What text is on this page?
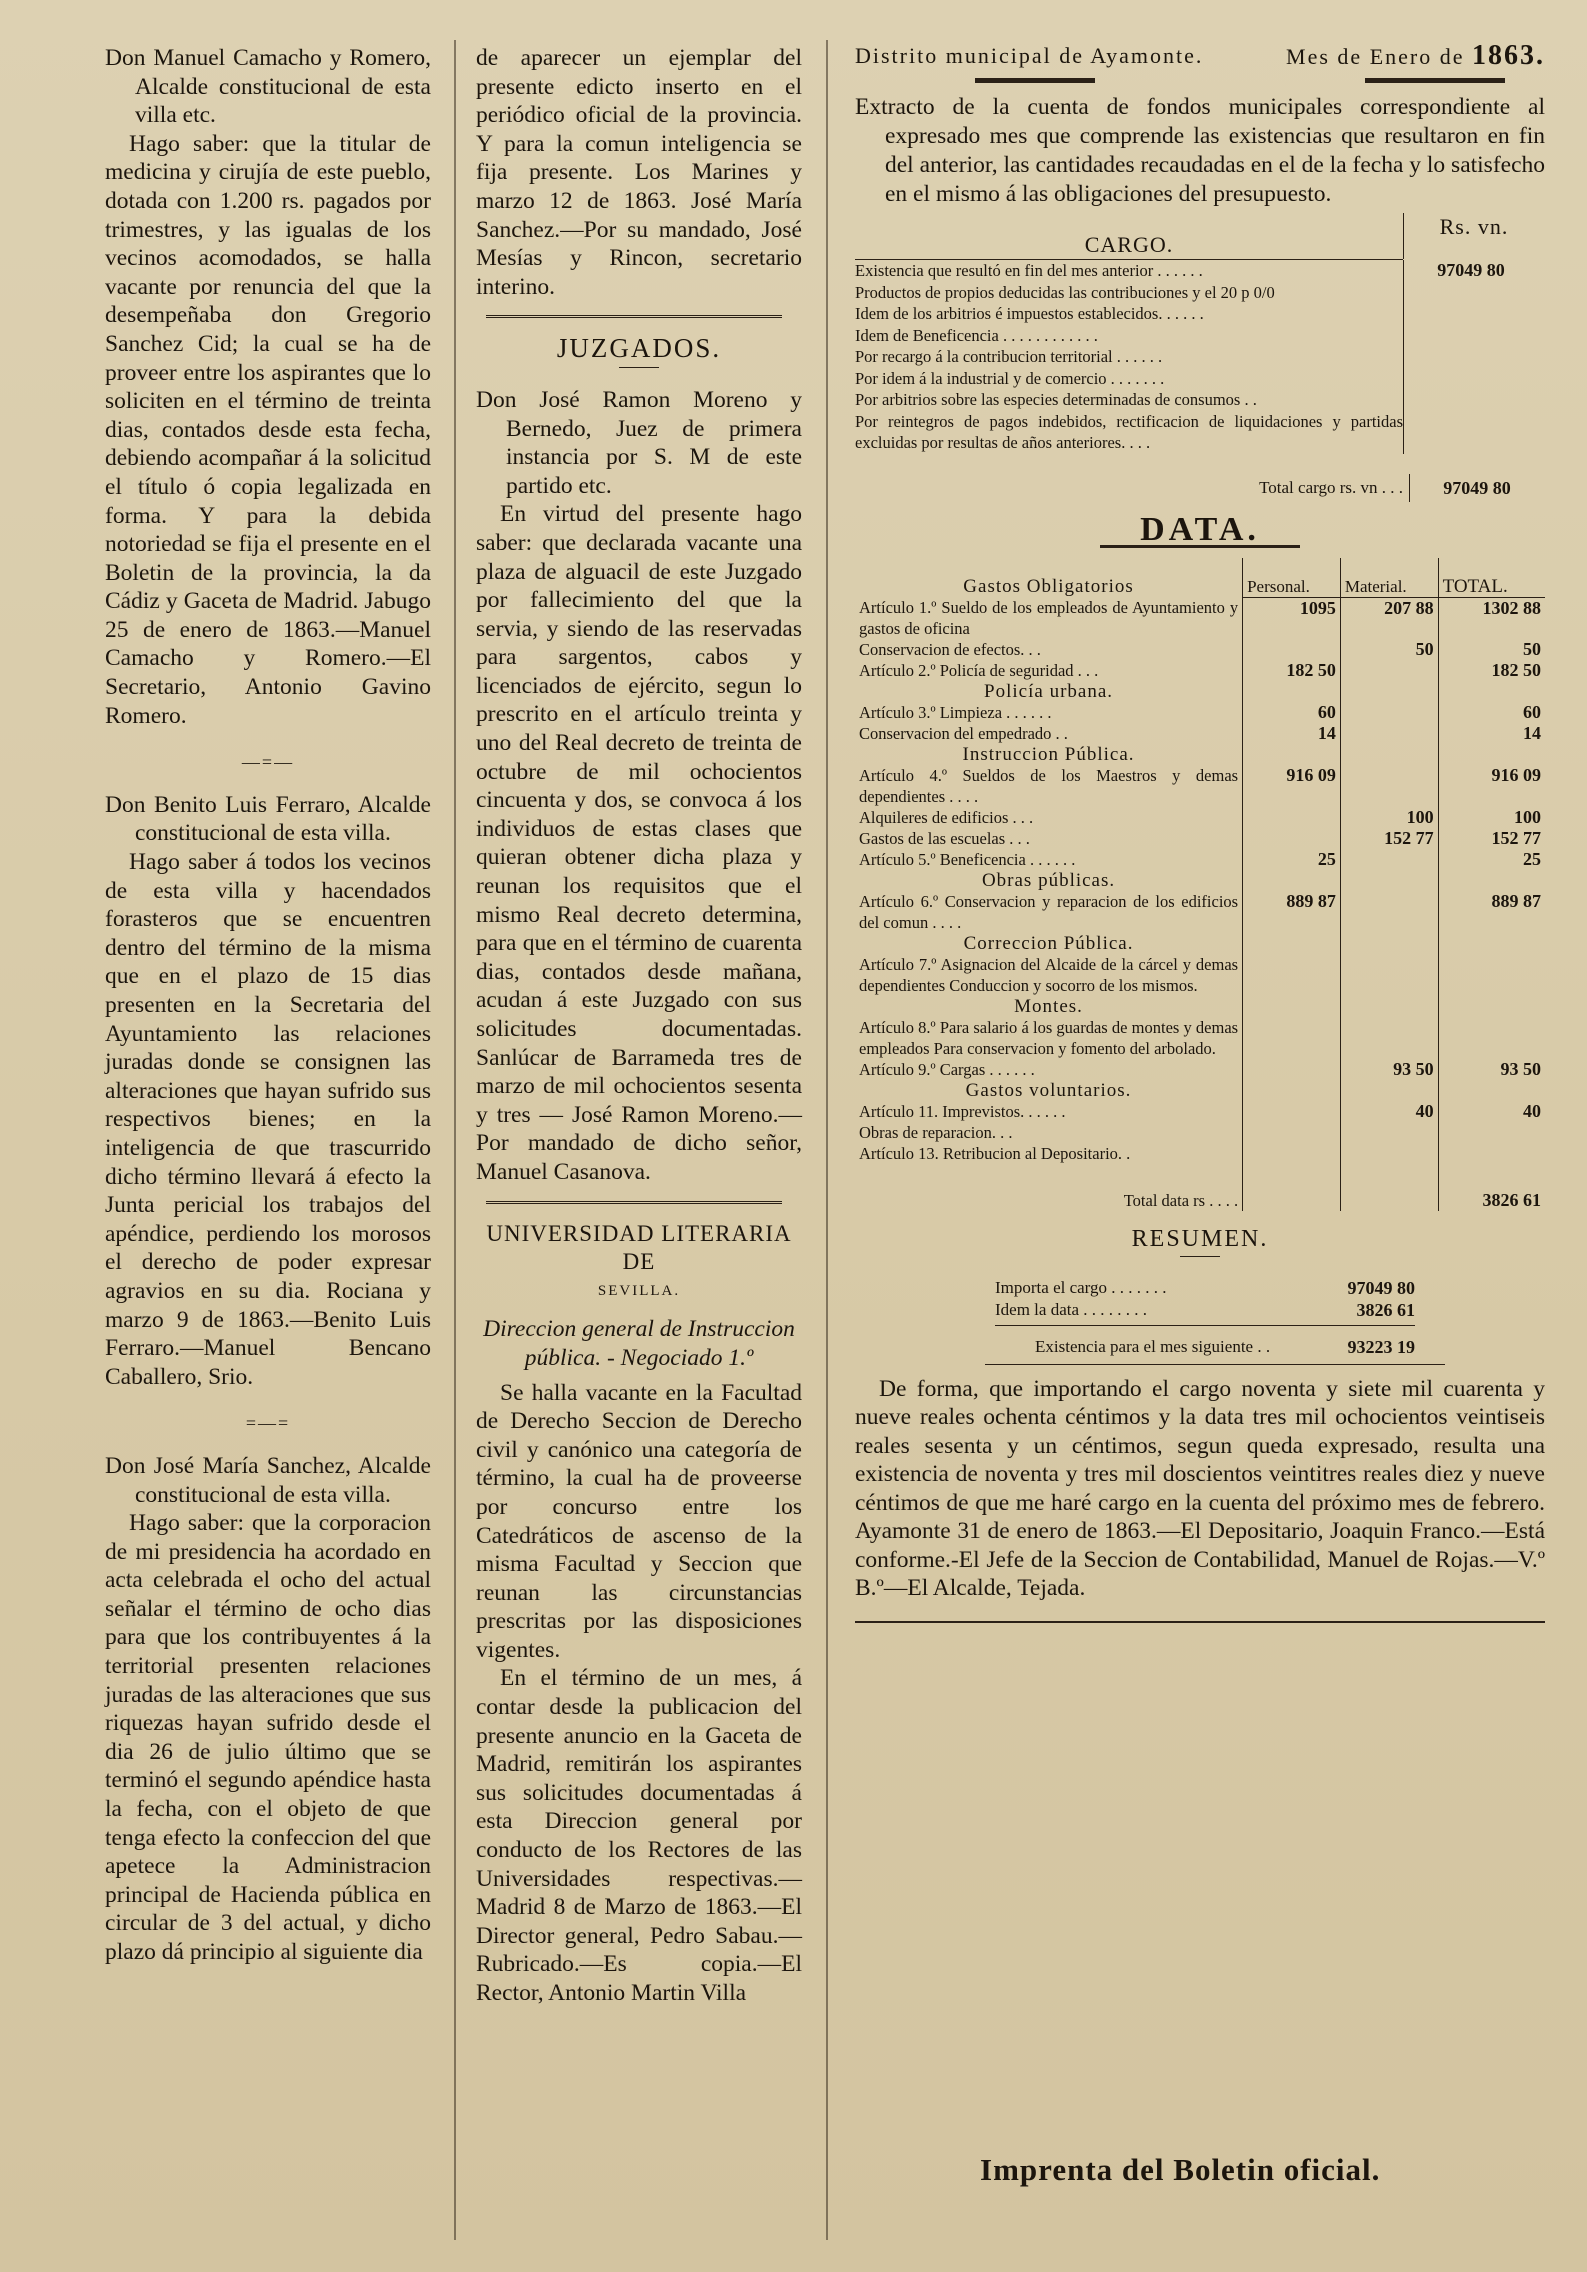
Don Manuel Camacho y Romero, Alcalde constitucional de esta villa etc.

Hago saber: que la titular de medicina y cirujía de este pueblo, dotada con 1.200 rs. pagados por trimestres, y las igualas de los vecinos acomodados, se halla vacante por renuncia del que la desempeñaba don Gregorio Sanchez Cid; la cual se ha de proveer entre los aspirantes que lo soliciten en el término de treinta dias, contados desde esta fecha, debiendo acompañar á la solicitud el título ó copia legalizada en forma. Y para la debida notoriedad se fija el presente en el Boletin de la provincia, la da Cádiz y Gaceta de Madrid. Jabugo 25 de enero de 1863.—Manuel Camacho y Romero.—El Secretario, Antonio Gavino Romero.

—=—

Don Benito Luis Ferraro, Alcalde constitucional de esta villa.

Hago saber á todos los vecinos de esta villa y hacendados forasteros que se encuentren dentro del término de la misma que en el plazo de 15 dias presenten en la Secretaria del Ayuntamiento las relaciones juradas donde se consignen las alteraciones que hayan sufrido sus respectivos bienes; en la inteligencia de que trascurrido dicho término llevará á efecto la Junta pericial los trabajos del apéndice, perdiendo los morosos el derecho de poder expresar agravios en su dia. Rociana y marzo 9 de 1863.—Benito Luis Ferraro.—Manuel Bencano Caballero, Srio.

=—=

Don José María Sanchez, Alcalde constitucional de esta villa.

Hago saber: que la corporacion de mi presidencia ha acordado en acta celebrada el ocho del actual señalar el término de ocho dias para que los contribuyentes á la territorial presenten relaciones juradas de las alteraciones que sus riquezas hayan sufrido desde el dia 26 de julio último que se terminó el segundo apéndice hasta la fecha, con el objeto de que tenga efecto la confeccion del que apetece la Administracion principal de Hacienda pública en circular de 3 del actual, y dicho plazo dá principio al siguiente dia

de aparecer un ejemplar del presente edicto inserto en el periódico oficial de la provincia. Y para la comun inteligencia se fija presente. Los Marines y marzo 12 de 1863. José María Sanchez.—Por su mandado, José Mesías y Rincon, secretario interino.

JUZGADOS.

Don José Ramon Moreno y Bernedo, Juez de primera instancia por S. M de este partido etc.

En virtud del presente hago saber: que declarada vacante una plaza de alguacil de este Juzgado por fallecimiento del que la servia, y siendo de las reservadas para sargentos, cabos y licenciados de ejército, segun lo prescrito en el artículo treinta y uno del Real decreto de treinta de octubre de mil ochocientos cincuenta y dos, se convoca á los individuos de estas clases que quieran obtener dicha plaza y reunan los requisitos que el mismo Real decreto determina, para que en el término de cuarenta dias, contados desde mañana, acudan á este Juzgado con sus solicitudes documentadas. Sanlúcar de Barrameda tres de marzo de mil ochocientos sesenta y tres — José Ramon Moreno.—Por mandado de dicho señor, Manuel Casanova.

UNIVERSIDAD LITERARIA DE
SEVILLA.

Direccion general de Instruccion pública. - Negociado 1.º

Se halla vacante en la Facultad de Derecho Seccion de Derecho civil y canónico una categoría de término, la cual ha de proveerse por concurso entre los Catedráticos de ascenso de la misma Facultad y Seccion que reunan las circunstancias prescritas por las disposiciones vigentes.

En el término de un mes, á contar desde la publicacion del presente anuncio en la Gaceta de Madrid, remitirán los aspirantes sus solicitudes documentadas á esta Direccion general por conducto de los Rectores de las Universidades respectivas.—Madrid 8 de Marzo de 1863.—El Director general, Pedro Sabau.—Rubricado.—Es copia.—El Rector, Antonio Martin Villa

Distrito municipal de Ayamonte.	Mes de Enero de 1863.

Extracto de la cuenta de fondos municipales correspondiente al expresado mes que comprende las existencias que resultaron en fin del anterior, las cantidades recaudadas en el de la fecha y lo satisfecho en el mismo á las obligaciones del presupuesto.

CARGO.
Rs. vn.
Existencia que resultó en fin del mes anterior . . . . . .	97049 80
Productos de propios deducidas las contribuciones y el 20 p 0/0
Idem de los arbitrios é impuestos establecidos. . . . . .
Idem de Beneficencia . . . . . . . . . . . .
Por recargo á la contribucion territorial . . . . . .
Por idem á la industrial y de comercio . . . . . . .
Por arbitrios sobre las especies determinadas de consumos . .
Por reintegros de pagos indebidos, rectificacion de liquidaciones y partidas excluidas por resultas de años anteriores. . . .
Total cargo rs. vn . . .	97049 80
DATA.
Gastos Obligatorios	Personal.	Material.	TOTAL.
Artículo 1.º Sueldo de los empleados de Ayuntamiento y gastos de oficina	1095	207 88	1302 88
Conservacion de efectos. . .		50	50
Artículo 2.º Policía de seguridad . . .	182 50		182 50
Policía urbana.			
Artículo 3.º Limpieza . . . . . .	60		60
Conservacion del empedrado . .	14		14
Instruccion Pública.			
Artículo 4.º Sueldos de los Maestros y demas dependientes . . . .	916 09		916 09
Alquileres de edificios . . .		100	100
Gastos de las escuelas . . .		152 77	152 77
Artículo 5.º Beneficencia . . . . . .	25		25
Obras públicas.			
Artículo 6.º Conservacion y reparacion de los edificios del comun . . . .	889 87		889 87
Correccion Pública.			
Artículo 7.º Asignacion del Alcaide de la cárcel y demas dependientes Conduccion y socorro de los mismos.			
Montes.			
Artículo 8.º Para salario á los guardas de montes y demas empleados Para conservacion y fomento del arbolado.			
Artículo 9.º Cargas . . . . . .		93 50	93 50
Gastos voluntarios.			
Artículo 11. Imprevistos. . . . . .		40	40
Obras de reparacion. . .			
Artículo 13. Retribucion al Depositario. .			
Total data rs . . . .			3826 61
RESUMEN.
Importa el cargo . . . . . . .	97049 80
Idem la data . . . . . . . .	3826 61
Existencia para el mes siguiente . .	93223 19

De forma, que importando el cargo noventa y siete mil cuarenta y nueve reales ochenta céntimos y la data tres mil ochocientos veintiseis reales sesenta y un céntimos, segun queda expresado, resulta una existencia de noventa y tres mil doscientos veintitres reales diez y nueve céntimos de que me haré cargo en la cuenta del próximo mes de febrero. Ayamonte 31 de enero de 1863.—El Depositario, Joaquin Franco.—Está conforme.-El Jefe de la Seccion de Contabilidad, Manuel de Rojas.—V.º B.º—El Alcalde, Tejada.

Imprenta del Boletin oficial.
